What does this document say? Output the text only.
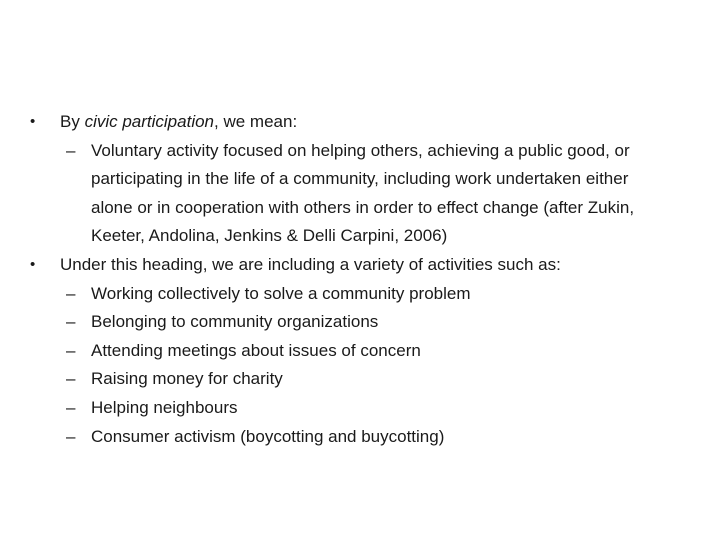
•	By civic participation, we mean:
– Voluntary activity focused on helping others, achieving a public good, or
participating in the life of a community, including work undertaken either
alone or in cooperation with others in order to effect change (after Zukin,
Keeter, Andolina, Jenkins & Delli Carpini, 2006)
•	Under this heading, we are including a variety of activities such as:
– Working collectively to solve a community problem
– Belonging to community organizations
– Attending meetings about issues of concern
– Raising money for charity
– Helping neighbours
– Consumer activism (boycotting and buycotting)
